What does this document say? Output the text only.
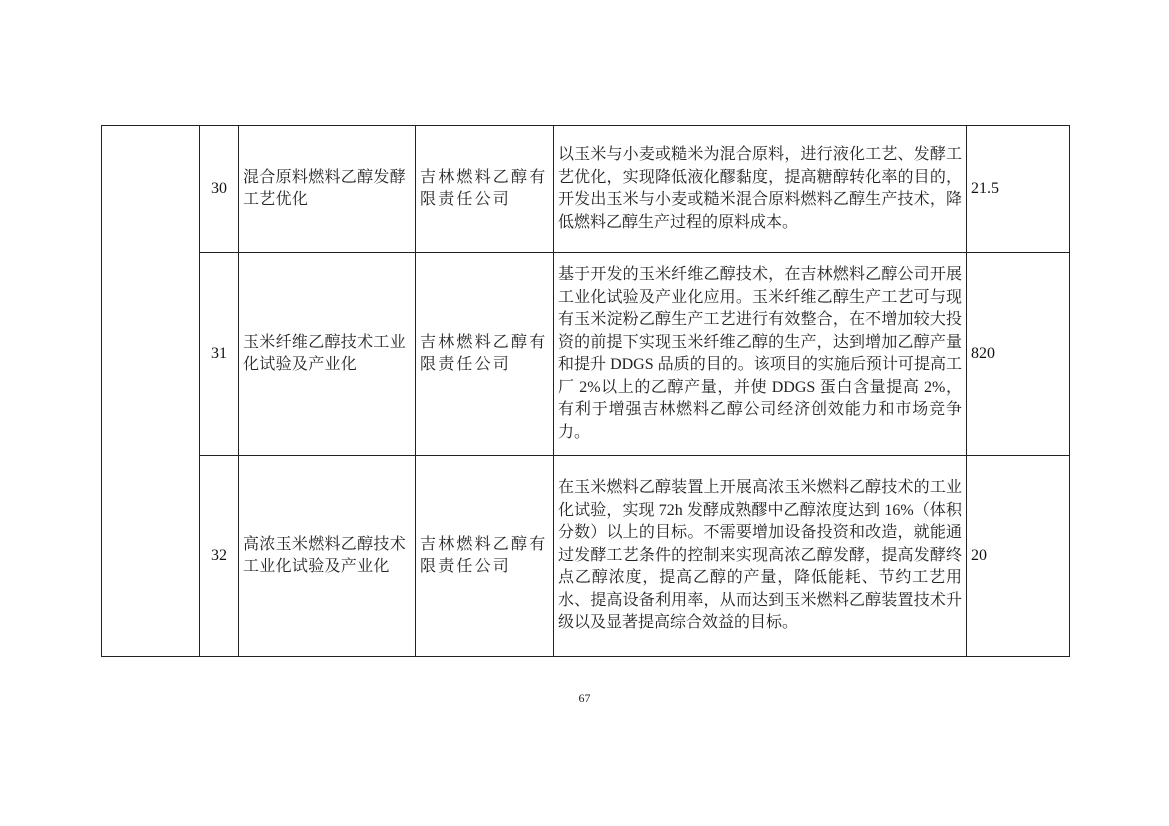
	30	混合原料燃料乙醇发酵工艺优化	吉林燃料乙醇有限责任公司	以玉米与小麦或糙米为混合原料，进行液化工艺、发酵工艺优化，实现降低液化醪黏度，提高糖醇转化率的目的，开发出玉米与小麦或糙米混合原料燃料乙醇生产技术，降低燃料乙醇生产过程的原料成本。	21.5
	31	玉米纤维乙醇技术工业化试验及产业化	吉林燃料乙醇有限责任公司	基于开发的玉米纤维乙醇技术，在吉林燃料乙醇公司开展工业化试验及产业化应用。玉米纤维乙醇生产工艺可与现有玉米淀粉乙醇生产工艺进行有效整合，在不增加较大投资的前提下实现玉米纤维乙醇的生产，达到增加乙醇产量和提升 DDGS 品质的目的。该项目的实施后预计可提高工厂 2%以上的乙醇产量，并使 DDGS 蛋白含量提高 2%，有利于增强吉林燃料乙醇公司经济创效能力和市场竞争力。	820
	32	高浓玉米燃料乙醇技术工业化试验及产业化	吉林燃料乙醇有限责任公司	在玉米燃料乙醇装置上开展高浓玉米燃料乙醇技术的工业化试验，实现 72h 发酵成熟醪中乙醇浓度达到 16%（体积分数）以上的目标。不需要增加设备投资和改造，就能通过发酵工艺条件的控制来实现高浓乙醇发酵，提高发酵终点乙醇浓度，提高乙醇的产量，降低能耗、节约工艺用水、提高设备利用率，从而达到玉米燃料乙醇装置技术升级以及显著提高综合效益的目标。	20
67
